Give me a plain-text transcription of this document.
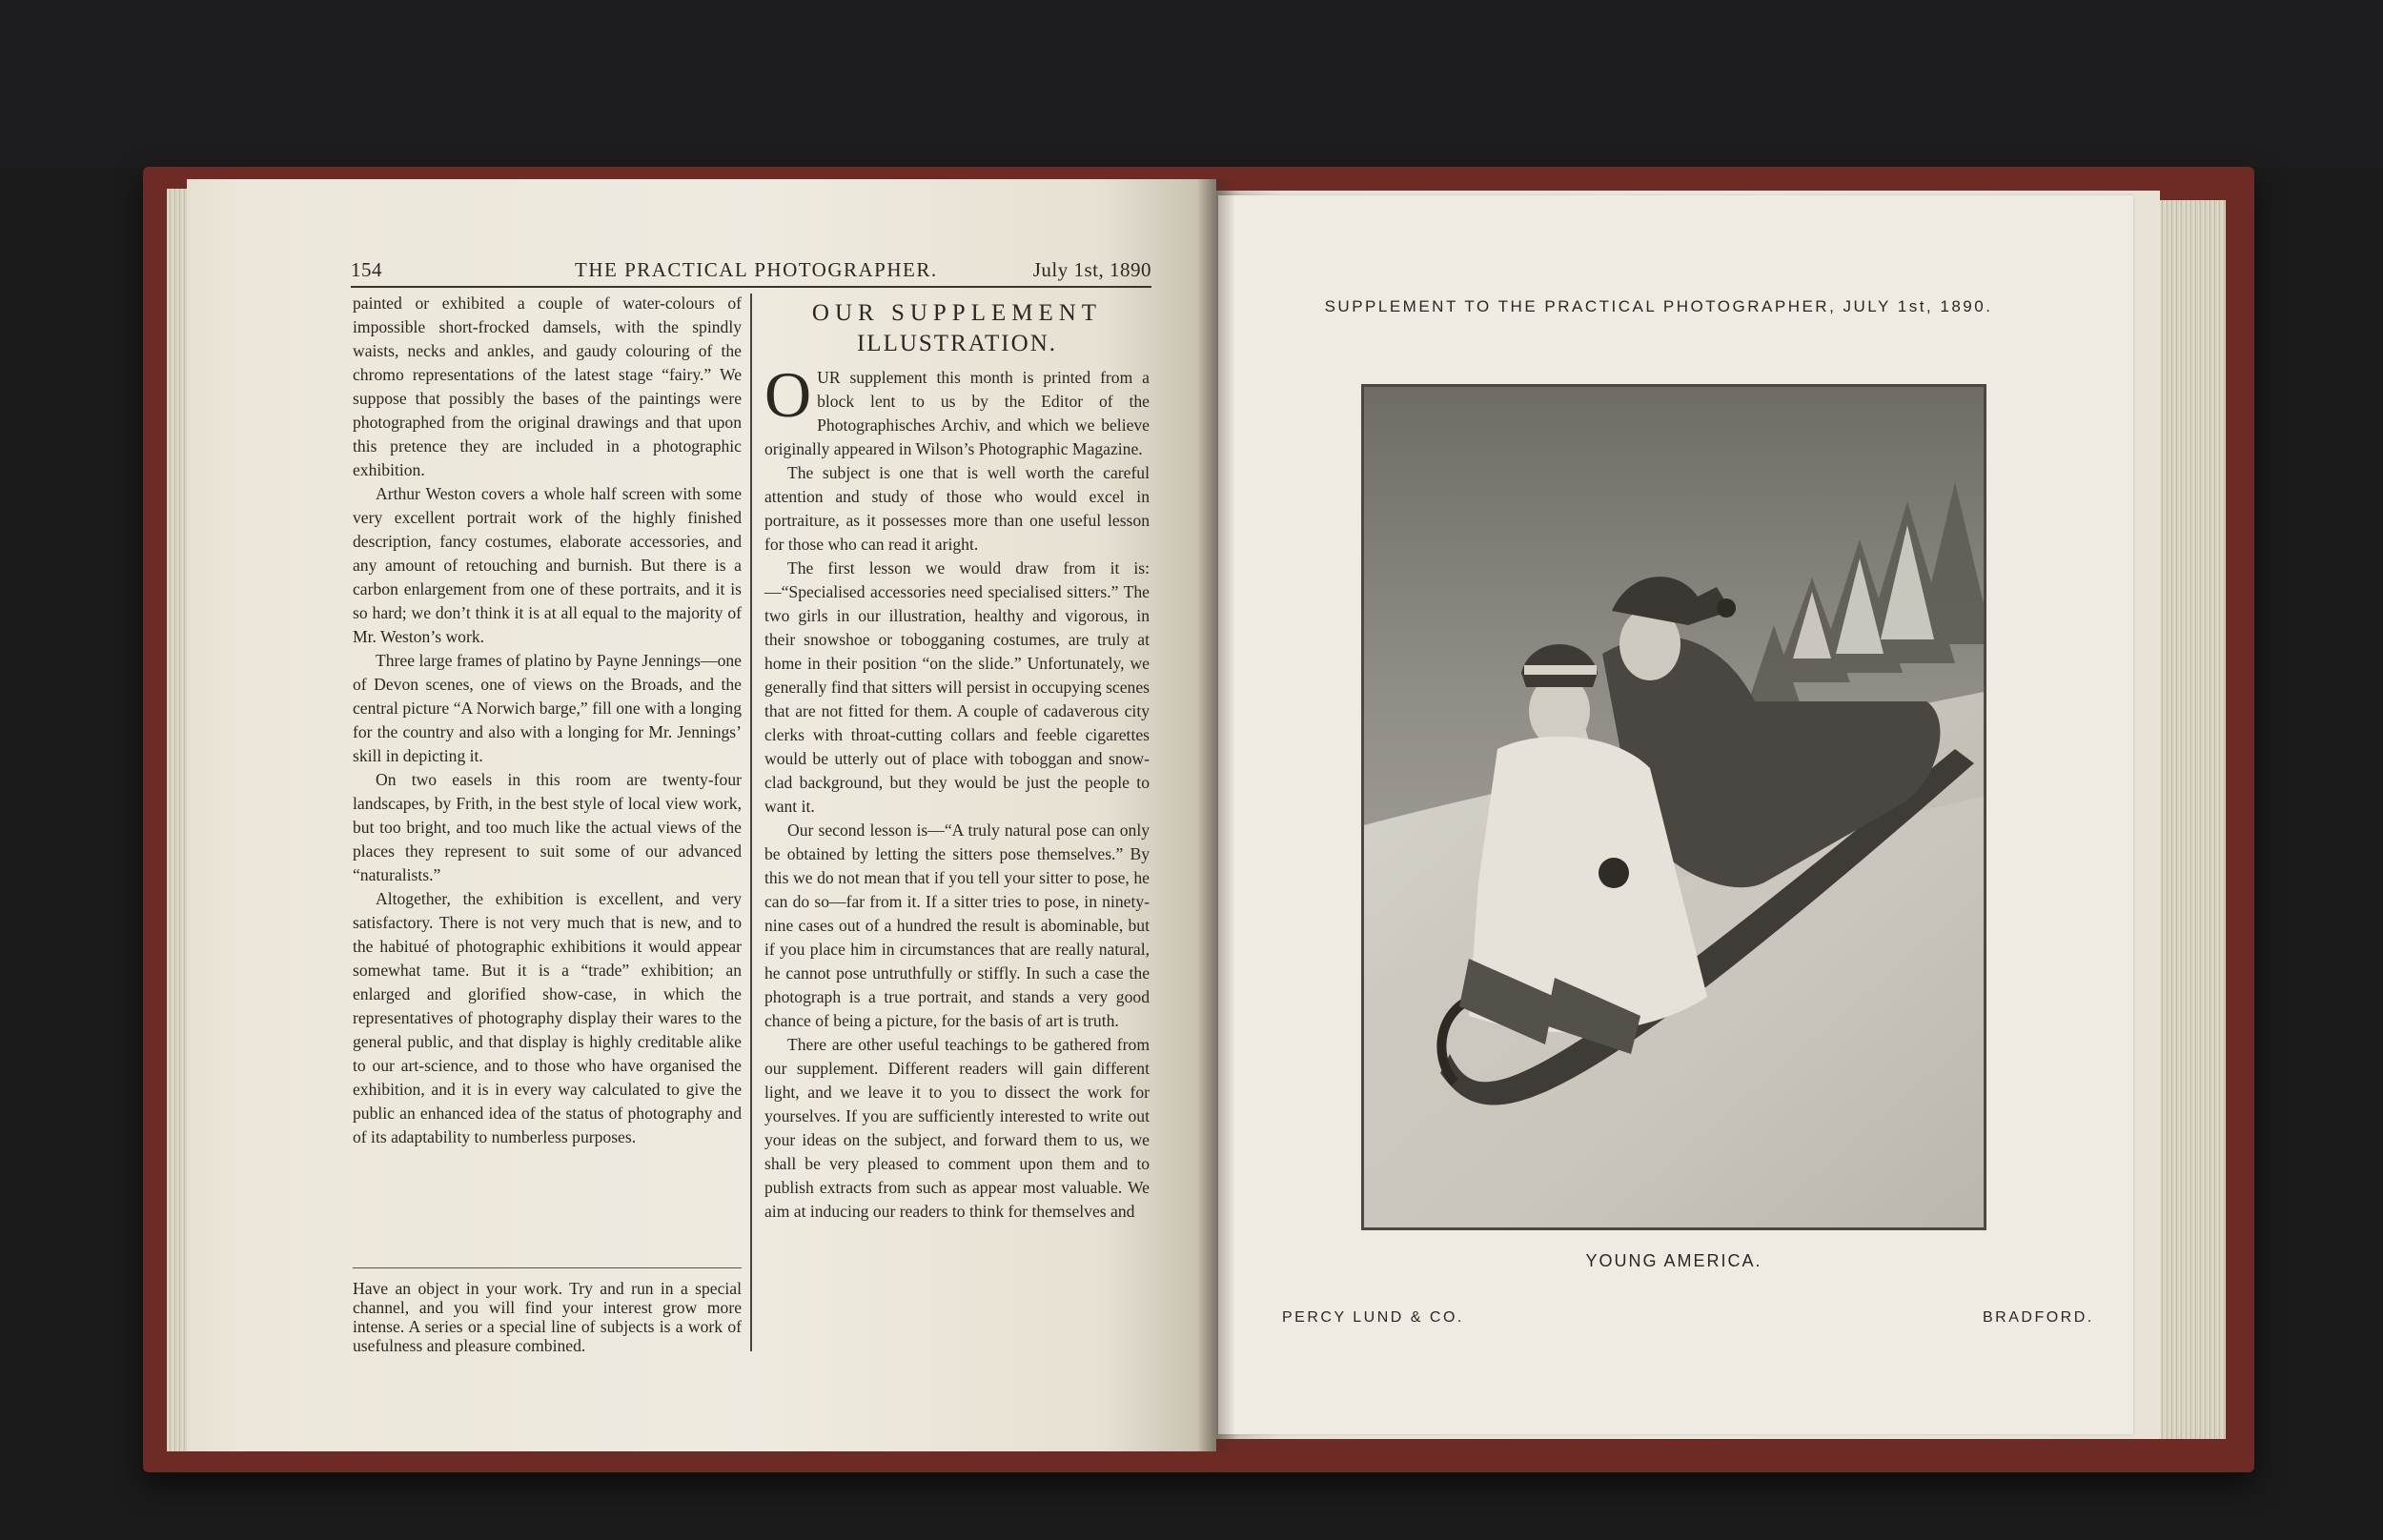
154	THE PRACTICAL PHOTOGRAPHER.	July 1st, 1890

painted or exhibited a couple of water-colours of impossible short-frocked damsels, with the spindly waists, necks and ankles, and gaudy colouring of the chromo representations of the latest stage “fairy.” We suppose that possibly the bases of the paintings were photographed from the original drawings and that upon this pretence they are included in a photographic exhibition.

Arthur Weston covers a whole half screen with some very excellent portrait work of the highly finished description, fancy costumes, elaborate accessories, and any amount of retouching and burnish. But there is a carbon enlargement from one of these portraits, and it is so hard; we don’t think it is at all equal to the majority of Mr. Weston’s work.

Three large frames of platino by Payne Jennings—one of Devon scenes, one of views on the Broads, and the central picture “A Norwich barge,” fill one with a longing for the country and also with a longing for Mr. Jennings’ skill in depicting it.

On two easels in this room are twenty-four landscapes, by Frith, in the best style of local view work, but too bright, and too much like the actual views of the places they represent to suit some of our advanced “naturalists.”

Altogether, the exhibition is excellent, and very satisfactory. There is not very much that is new, and to the habitué of photographic exhibitions it would appear somewhat tame. But it is a “trade” exhibition; an enlarged and glorified show-case, in which the representatives of photography display their wares to the general public, and that display is highly creditable alike to our art-science, and to those who have organised the exhibition, and it is in every way calculated to give the public an enhanced idea of the status of photography and of its adaptability to numberless purposes.

Have an object in your work. Try and run in a special channel, and you will find your interest grow more intense. A series or a special line of subjects is a work of usefulness and pleasure combined.
OUR SUPPLEMENT
ILLUSTRATION.

OUR supplement this month is printed from a block lent to us by the Editor of the Photographisches Archiv, and which we believe originally appeared in Wilson’s Photographic Magazine.

The subject is one that is well worth the careful attention and study of those who would excel in portraiture, as it possesses more than one useful lesson for those who can read it aright.

The first lesson we would draw from it is:—“Specialised accessories need specialised sitters.” The two girls in our illustration, healthy and vigorous, in their snowshoe or tobogganing costumes, are truly at home in their position “on the slide.” Unfortunately, we generally find that sitters will persist in occupying scenes that are not fitted for them. A couple of cadaverous city clerks with throat-cutting collars and feeble cigarettes would be utterly out of place with toboggan and snow-clad background, but they would be just the people to want it.

Our second lesson is—“A truly natural pose can only be obtained by letting the sitters pose themselves.” By this we do not mean that if you tell your sitter to pose, he can do so—far from it. If a sitter tries to pose, in ninety-nine cases out of a hundred the result is abominable, but if you place him in circumstances that are really natural, he cannot pose untruthfully or stiffly. In such a case the photograph is a true portrait, and stands a very good chance of being a picture, for the basis of art is truth.

There are other useful teachings to be gathered from our supplement. Different readers will gain different light, and we leave it to you to dissect the work for yourselves. If you are sufficiently interested to write out your ideas on the subject, and forward them to us, we shall be very pleased to comment upon them and to publish extracts from such as appear most valuable. We aim at inducing our readers to think for themselves and

SUPPLEMENT TO THE PRACTICAL PHOTOGRAPHER, JULY 1st, 1890.
YOUNG AMERICA.
PERCY LUND & CO.	BRADFORD.
